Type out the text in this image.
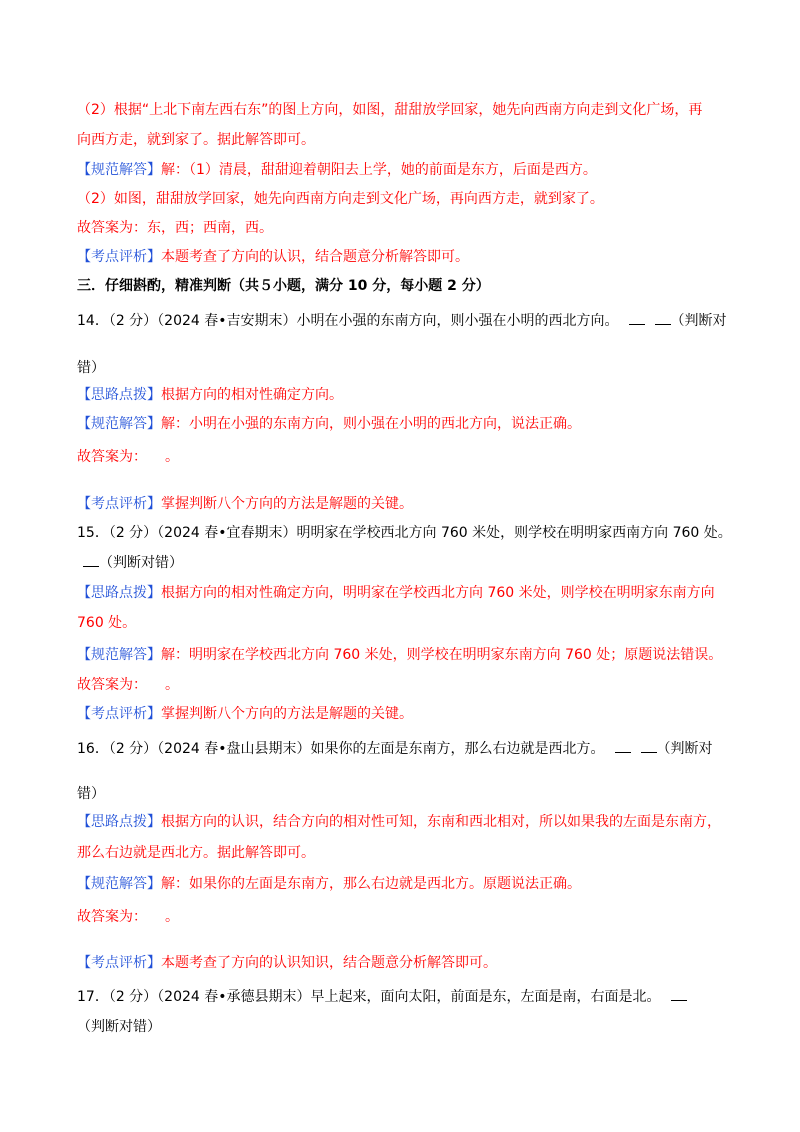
（2）根据“上北下南左西右东”的图上方向，如图，甜甜放学回家，她先向西南方向走到文化广场，再
向西方走，就到家了。据此解答即可。
【规范解答】解：（1）清晨，甜甜迎着朝阳去上学，她的前面是东方，后面是西方。
（2）如图，甜甜放学回家，她先向西南方向走到文化广场，再向西方走，就到家了。
故答案为：东，西；西南，西。
【考点评析】本题考查了方向的认识，结合题意分析解答即可。
三．仔细斟酌，精准判断（共５小题，满分 10 分，每小题 2 分）
14．（2 分）（2024 春•吉安期末）小明在小强的东南方向，则小强在小明的西北方向。	（判断对
错）
【思路点拨】根据方向的相对性确定方向。
【规范解答】解：小明在小强的东南方向，则小强在小明的西北方向，说法正确。
故答案为： 。
【考点评析】掌握判断八个方向的方法是解题的关键。
15．（2 分）（2024 春•宜春期末）明明家在学校西北方向 760 米处，则学校在明明家西南方向 760 处。
（判断对错）
【思路点拨】根据方向的相对性确定方向，明明家在学校西北方向 760 米处，则学校在明明家东南方向
760 处。
【规范解答】解：明明家在学校西北方向 760 米处，则学校在明明家东南方向 760 处；原题说法错误。
故答案为： 。
【考点评析】掌握判断八个方向的方法是解题的关键。
16．（2 分）（2024 春•盘山县期末）如果你的左面是东南方，那么右边就是西北方。	（判断对
错）
【思路点拨】根据方向的认识，结合方向的相对性可知，东南和西北相对，所以如果我的左面是东南方，
那么右边就是西北方。据此解答即可。
【规范解答】解：如果你的左面是东南方，那么右边就是西北方。原题说法正确。
故答案为： 。
【考点评析】本题考查了方向的认识知识，结合题意分析解答即可。
17．（2 分）（2024 春•承德县期末）早上起来，面向太阳，前面是东，左面是南，右面是北。
（判断对错）
